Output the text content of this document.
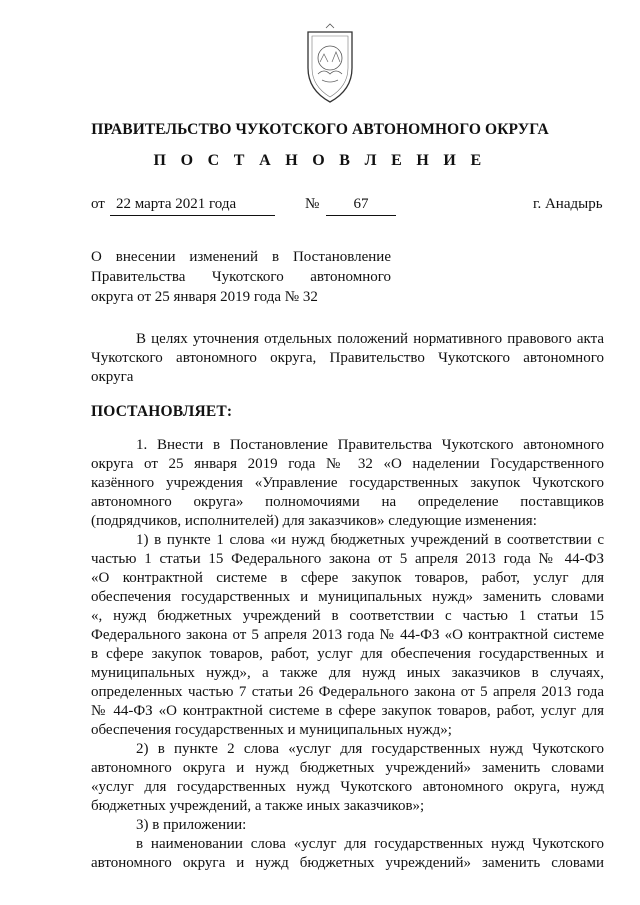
ПРАВИТЕЛЬСТВО ЧУКОТСКОГО АВТОНОМНОГО ОКРУГА
П О С Т А Н О В Л Е Н И Е
от 22 марта 2021 года	№	67	г. Анадырь
О внесении изменений в Постановление
Правительства Чукотского автономного
округа от 25 января 2019 года № 32
В целях уточнения отдельных положений нормативного правового акта
Чукотского автономного округа, Правительство Чукотского автономного
округа
ПОСТАНОВЛЯЕТ:
1. Внести в Постановление Правительства Чукотского автономного
округа от 25 января 2019 года № 32 «О наделении Государственного
казённого учреждения «Управление государственных закупок Чукотского
автономного округа» полномочиями на определение поставщиков
(подрядчиков, исполнителей) для заказчиков» следующие изменения:
1) в пункте 1 слова «и нужд бюджетных учреждений в соответствии с
частью 1 статьи 15 Федерального закона от 5 апреля 2013 года № 44-ФЗ
«О контрактной системе в сфере закупок товаров, работ, услуг для
обеспечения государственных и муниципальных нужд» заменить словами
«, нужд бюджетных учреждений в соответствии с частью 1 статьи 15
Федерального закона от 5 апреля 2013 года № 44-ФЗ «О контрактной системе
в сфере закупок товаров, работ, услуг для обеспечения государственных и
муниципальных нужд», а также для нужд иных заказчиков в случаях,
определенных частью 7 статьи 26 Федерального закона от 5 апреля 2013 года
№ 44-ФЗ «О контрактной системе в сфере закупок товаров, работ, услуг для
обеспечения государственных и муниципальных нужд»;
2) в пункте 2 слова «услуг для государственных нужд Чукотского
автономного округа и нужд бюджетных учреждений» заменить словами
«услуг для государственных нужд Чукотского автономного округа, нужд
бюджетных учреждений, а также иных заказчиков»;
3) в приложении:
в наименовании слова «услуг для государственных нужд Чукотского
автономного округа и нужд бюджетных учреждений» заменить словами
